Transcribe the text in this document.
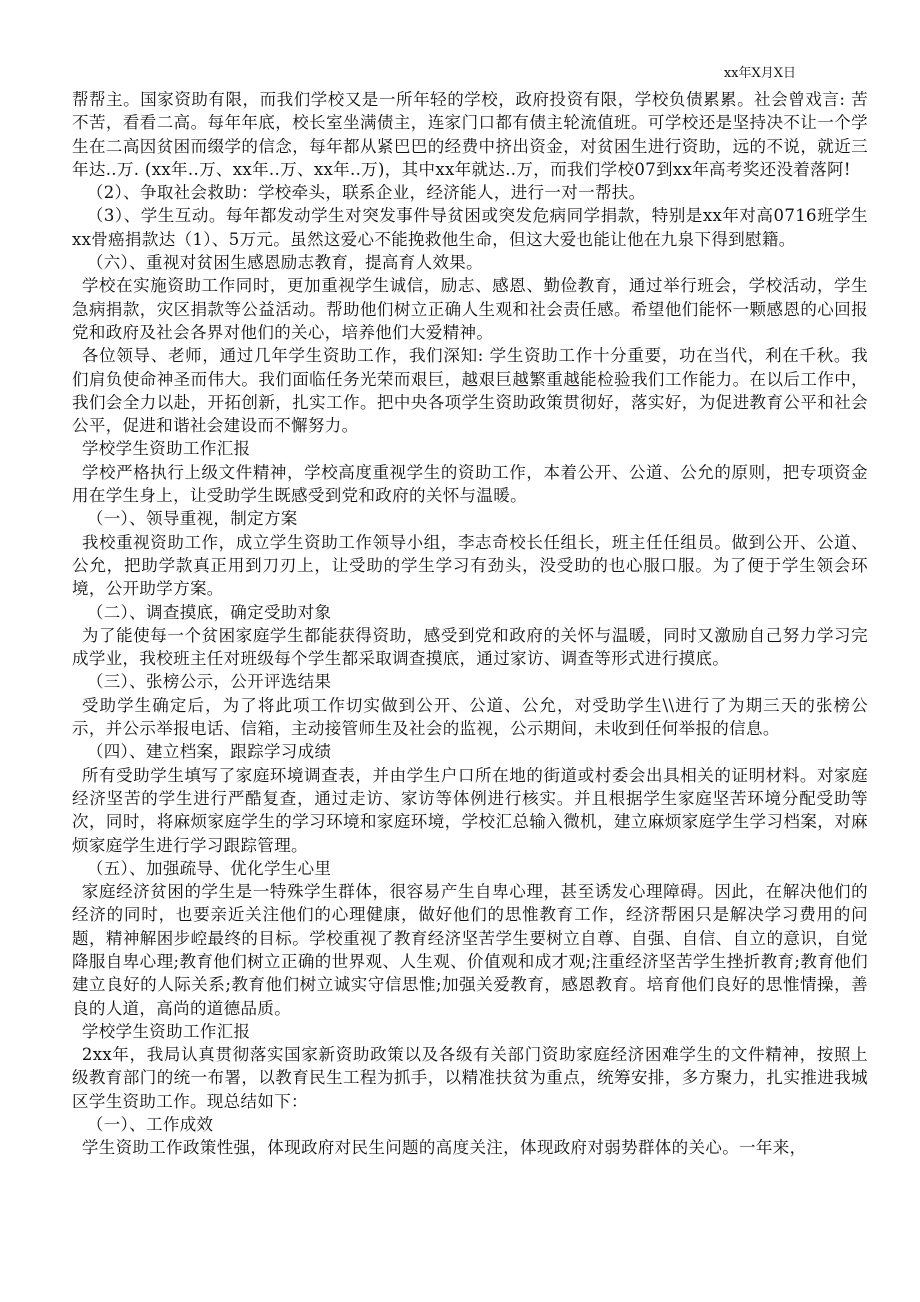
xx年X月X日

帮帮主。国家资助有限，而我们学校又是一所年轻的学校，政府投资有限，学校负债累累。社会曾戏言: 苦不苦，看看二高。每年年底，校长室坐满债主，连家门口都有债主轮流值班。可学校还是坚持决不让一个学生在二高因贫困而缀学的信念，每年都从紧巴巴的经费中挤出资金，对贫困生进行资助，远的不说，就近三年达..万. (xx年..万、xx年..万、xx年..万)，其中xx年就达..万，而我们学校07到xx年高考奖还没着落阿!

（2）、争取社会救助：学校牵头，联系企业，经济能人，进行一对一帮扶。

（3）、学生互动。每年都发动学生对突发事件导贫困或突发危病同学捐款，特别是xx年对高0716班学生xx骨癌捐款达（1）、5万元。虽然这爱心不能挽救他生命，但这大爱也能让他在九泉下得到慰籍。

（六）、重视对贫困生感恩励志教育，提高育人效果。

学校在实施资助工作同时，更加重视学生诚信，励志、感恩、勤俭教育，通过举行班会，学校活动，学生急病捐款，灾区捐款等公益活动。帮助他们树立正确人生观和社会责任感。希望他们能怀一颗感恩的心回报党和政府及社会各界对他们的关心，培养他们大爱精神。

各位领导、老师，通过几年学生资助工作，我们深知: 学生资助工作十分重要，功在当代，利在千秋。我们肩负使命神圣而伟大。我们面临任务光荣而艰巨，越艰巨越繁重越能检验我们工作能力。在以后工作中，我们会全力以赴，开拓创新，扎实工作。把中央各项学生资助政策贯彻好，落实好，为促进教育公平和社会公平，促进和谐社会建设而不懈努力。

学校学生资助工作汇报

学校严格执行上级文件精神，学校高度重视学生的资助工作，本着公开、公道、公允的原则，把专项资金用在学生身上，让受助学生既感受到党和政府的关怀与温暖。

（一）、领导重视，制定方案

我校重视资助工作，成立学生资助工作领导小组，李志奇校长任组长，班主任任组员。做到公开、公道、公允，把助学款真正用到刀刃上，让受助的学生学习有劲头，没受助的也心服口服。为了便于学生领会环境，公开助学方案。

（二）、调查摸底，确定受助对象

为了能使每一个贫困家庭学生都能获得资助，感受到党和政府的关怀与温暖，同时又激励自己努力学习完成学业，我校班主任对班级每个学生都采取调查摸底，通过家访、调查等形式进行摸底。

（三）、张榜公示，公开评选结果

受助学生确定后，为了将此项工作切实做到公开、公道、公允，对受助学生\\进行了为期三天的张榜公示，并公示举报电话、信箱，主动接管师生及社会的监视，公示期间，未收到任何举报的信息。

（四）、建立档案，跟踪学习成绩

所有受助学生填写了家庭环境调查表，并由学生户口所在地的街道或村委会出具相关的证明材料。对家庭经济坚苦的学生进行严酷复查，通过走访、家访等体例进行核实。并且根据学生家庭坚苦环境分配受助等次，同时，将麻烦家庭学生的学习环境和家庭环境，学校汇总输入微机，建立麻烦家庭学生学习档案，对麻烦家庭学生进行学习跟踪管理。

（五）、加强疏导、优化学生心里

家庭经济贫困的学生是一特殊学生群体，很容易产生自卑心理，甚至诱发心理障碍。因此，在解决他们的经济的同时，也要亲近关注他们的心理健康，做好他们的思惟教育工作，经济帮困只是解决学习费用的问题，精神解困步崆最终的目标。学校重视了教育经济坚苦学生要树立自尊、自强、自信、自立的意识，自觉降服自卑心理;教育他们树立正确的世界观、人生观、价值观和成才观;注重经济坚苦学生挫折教育;教育他们建立良好的人际关系;教育他们树立诚实守信思惟;加强关爱教育，感恩教育。培育他们良好的思惟情操，善良的人道，高尚的道德品质。

学校学生资助工作汇报

2xx年，我局认真贯彻落实国家新资助政策以及各级有关部门资助家庭经济困难学生的文件精神，按照上级教育部门的统一布署，以教育民生工程为抓手，以精准扶贫为重点，统筹安排，多方聚力，扎实推进我城区学生资助工作。现总结如下：

（一）、工作成效

学生资助工作政策性强，体现政府对民生问题的高度关注，体现政府对弱势群体的关心。一年来，
